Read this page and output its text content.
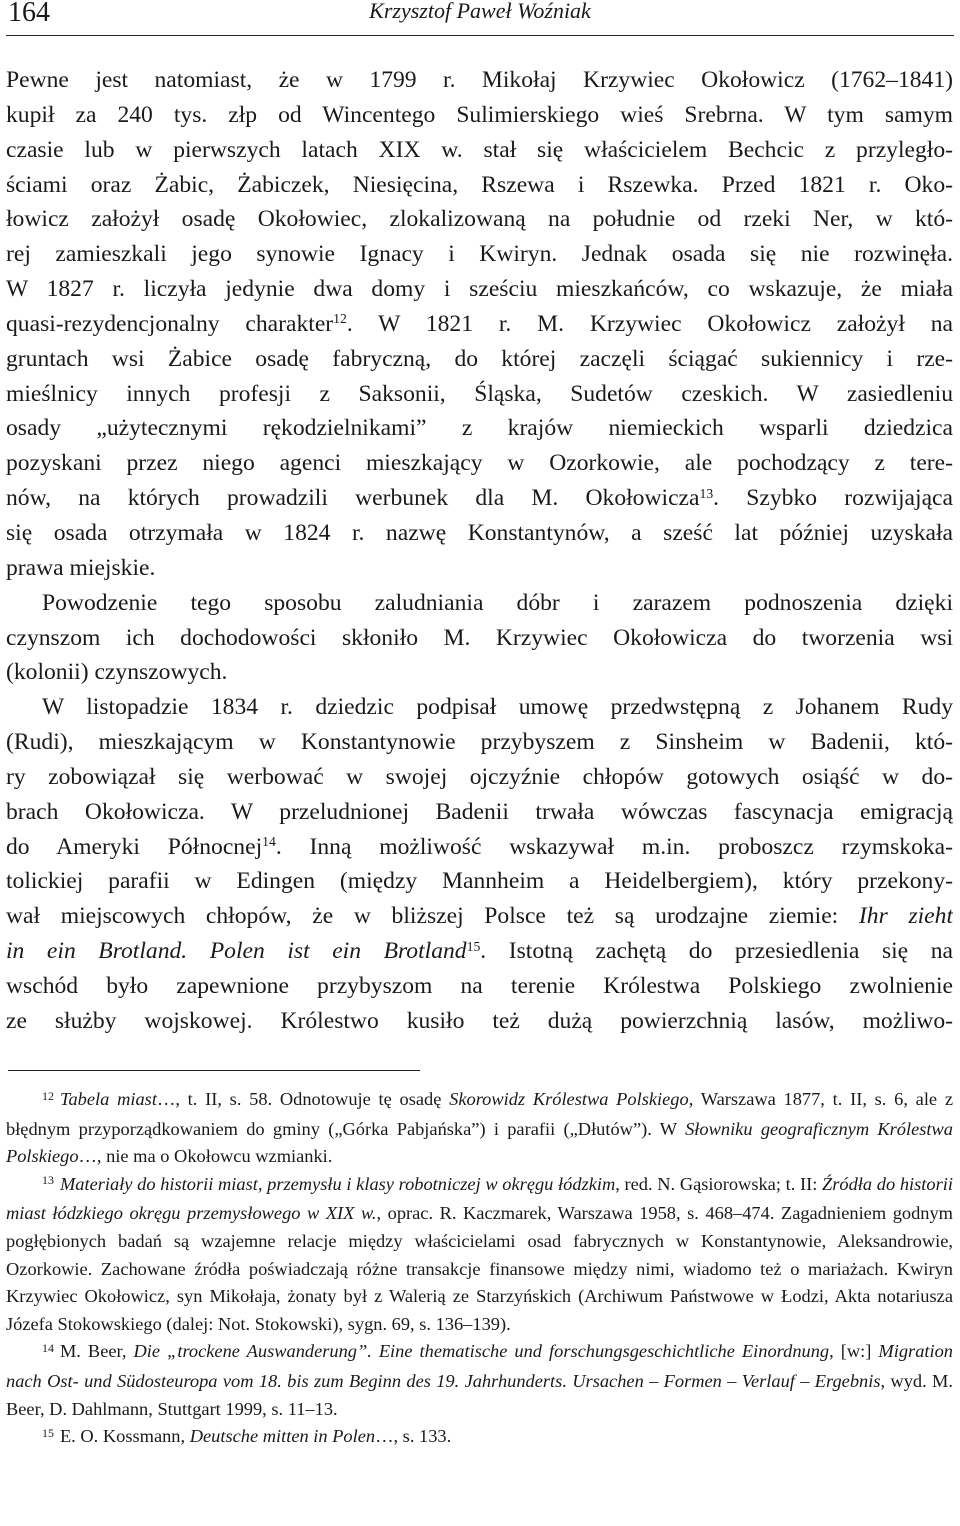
164	Krzysztof Paweł Woźniak

Pewne jest natomiast, że w 1799 r. Mikołaj Krzywiec Okołowicz (1762–1841)
kupił za 240 tys. złp od Wincentego Sulimierskiego wieś Srebrna. W tym samym
czasie lub w pierwszych latach XIX w. stał się właścicielem Bechcic z przyległo-
ściami oraz Żabic, Żabiczek, Niesięcina, Rszewa i Rszewka. Przed 1821 r. Oko-
łowicz założył osadę Okołowiec, zlokalizowaną na południe od rzeki Ner, w któ-
rej zamieszkali jego synowie Ignacy i Kwiryn. Jednak osada się nie rozwinęła.
W 1827 r. liczyła jedynie dwa domy i sześciu mieszkańców, co wskazuje, że miała
quasi-rezydencjonalny charakter$^{12}$. W 1821 r. M. Krzywiec Okołowicz założył na
gruntach wsi Żabice osadę fabryczną, do której zaczęli ściągać sukiennicy i rze-
mieślnicy innych profesji z Saksonii, Śląska, Sudetów czeskich. W zasiedleniu
osady „użytecznymi rękodzielnikami” z krajów niemieckich wsparli dziedzica
pozyskani przez niego agenci mieszkający w Ozorkowie, ale pochodzący z tere-
nów, na których prowadzili werbunek dla M. Okołowicza$^{13}$. Szybko rozwijająca
się osada otrzymała w 1824 r. nazwę Konstantynów, a sześć lat później uzyskała
prawa miejskie.

Powodzenie tego sposobu zaludniania dóbr i zarazem podnoszenia dzięki
czynszom ich dochodowości skłoniło M. Krzywiec Okołowicza do tworzenia wsi
(kolonii) czynszowych.

W listopadzie 1834 r. dziedzic podpisał umowę przedwstępną z Johanem Rudy
(Rudi), mieszkającym w Konstantynowie przybyszem z Sinsheim w Badenii, któ-
ry zobowiązał się werbować w swojej ojczyźnie chłopów gotowych osiąść w do-
brach Okołowicza. W przeludnionej Badenii trwała wówczas fascynacja emigracją
do Ameryki Północnej$^{14}$. Inną możliwość wskazywał m.in. proboszcz rzymskoka-
tolickiej parafii w Edingen (między Mannheim a Heidelbergiem), który przekony-
wał miejscowych chłopów, że w bliższej Polsce też są urodzajne ziemie: Ihr zieht
in ein Brotland. Polen ist ein Brotland$^{15}$. Istotną zachętą do przesiedlenia się na
wschód było zapewnione przybyszom na terenie Królestwa Polskiego zwolnienie
ze służby wojskowej. Królestwo kusiło też dużą powierzchnią lasów, możliwo-

$^{12}$ Tabela miast…, t. II, s. 58. Odnotowuje tę osadę Skorowidz Królestwa Polskiego, Warszawa 1877, t. II, s. 6, ale z błędnym przyporządkowaniem do gminy („Górka Pabjańska”) i parafii („Dłutów”). W Słowniku geograficznym Królestwa Polskiego…, nie ma o Okołowcu wzmianki.

$^{13}$ Materiały do historii miast, przemysłu i klasy robotniczej w okręgu łódzkim, red. N. Gąsiorowska; t. II: Źródła do historii miast łódzkiego okręgu przemysłowego w XIX w., oprac. R. Kaczmarek, Warszawa 1958, s. 468–474. Zagadnieniem godnym pogłębionych badań są wzajemne relacje między właścicielami osad fabrycznych w Konstantynowie, Aleksandrowie, Ozorkowie. Zachowane źródła poświadczają różne transakcje finansowe między nimi, wiadomo też o mariażach. Kwiryn Krzywiec Okołowicz, syn Mikołaja, żonaty był z Walerią ze Starzyńskich (Archiwum Państwowe w Łodzi, Akta notariusza Józefa Stokowskiego (dalej: Not. Stokowski), sygn. 69, s. 136–139).

$^{14}$ M. Beer, Die „trockene Auswanderung”. Eine thematische und forschungsgeschichtliche Einordnung, [w:] Migration nach Ost- und Südosteuropa vom 18. bis zum Beginn des 19. Jahrhunderts. Ursachen – Formen – Verlauf – Ergebnis, wyd. M. Beer, D. Dahlmann, Stuttgart 1999, s. 11–13.

$^{15}$ E. O. Kossmann, Deutsche mitten in Polen…, s. 133.
